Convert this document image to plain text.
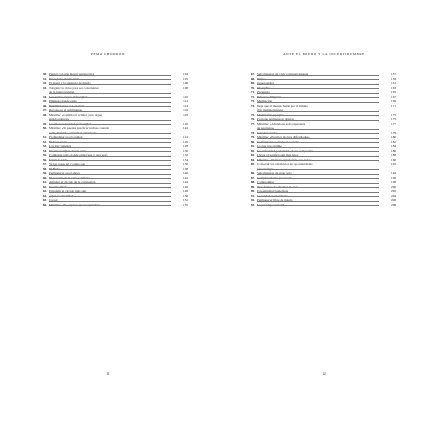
PEMA CHÖDRÖN
40. Pensar con una mayor perspectiva	104
41. Estar justo donde estás	105
42. El ángel y la ausencia de miedo	106
43. Tonglen: la clave para ser conscientes
de la interconexión
108
44. Las cuatro etapas del tonglen	110
45. Empieza donde estás	112
46. Familiarizarse con el ansia	114
47. Reconocer el sufrimiento	116
48. Máxima: «Cambia tu actitud, pero sigue
siendo natural»
118
49. La amorosa bondad y el tonglen	120
50. Máxima: «Si puedes practicar incluso cuando
estás distraído, estás bien entrenado»
122
51. Profundizar en el tonglen	124
52. El buen vacío	126
53. Los tres venenos	128
54. Practica tonglen donde estés	130
55. Comienza justo donde estás (una y otra vez)	132
56. Siente la vida	134
57. Ve las cosas tal y como son	136
58. El Buda	138
59. Permanecer en el ahora	140
60. El corazón de la vida cotidiana	142
61. Ampliar el círculo de la compasión	144
62. Incomodidad	146
63. Expandir el círculo más aún	148
64. ¿Qué es el karma?	150
65. Crecer	152
66. Máxima: «No esperes que te aplaudan»	155
11
ANTE EL MIEDO Y LA INCERTIDUMBRE
67. Seis maneras de vivir compasivamente	157
68. Prajna	159
69. Generosidad	161
70. Disciplina	163
71. Paciencia	165
72. Esfuerzo diligente	167
73. Meditación	169
74. Deja que el mundo hable por sí mismo
(No malinterpretes)
171
75. Meditación y prajna	173
76. Propone permanecer abierto	175
77. Máxima: «Abandona toda esperanza
de progreso»
177
78. Soledad serena	179
79. Máxima: «Practica las tres dificultades»	180
80. Comunicarnos desde el corazón	182
81. Lo que nos oprime	184
82. La curiosidad y el círculo de la compasión	186
83. Llevar el tonglen aún más lejos	188
84. Máxima: «Siéntete agradecido con todos»	190
85. Convertir los obstáculos en oportunidades
para indagar
192
86. Seis maneras de estar solo	194
87. Completamente procesado	196
88. Compromiso	198
89. Tres formas de afrontar el caos	200
90. Ecuanimidad inmediata	202
91. La verdad es incómoda	204
92. Permanecer libre de miedo	206
93. La paradoja esencial	208
12
